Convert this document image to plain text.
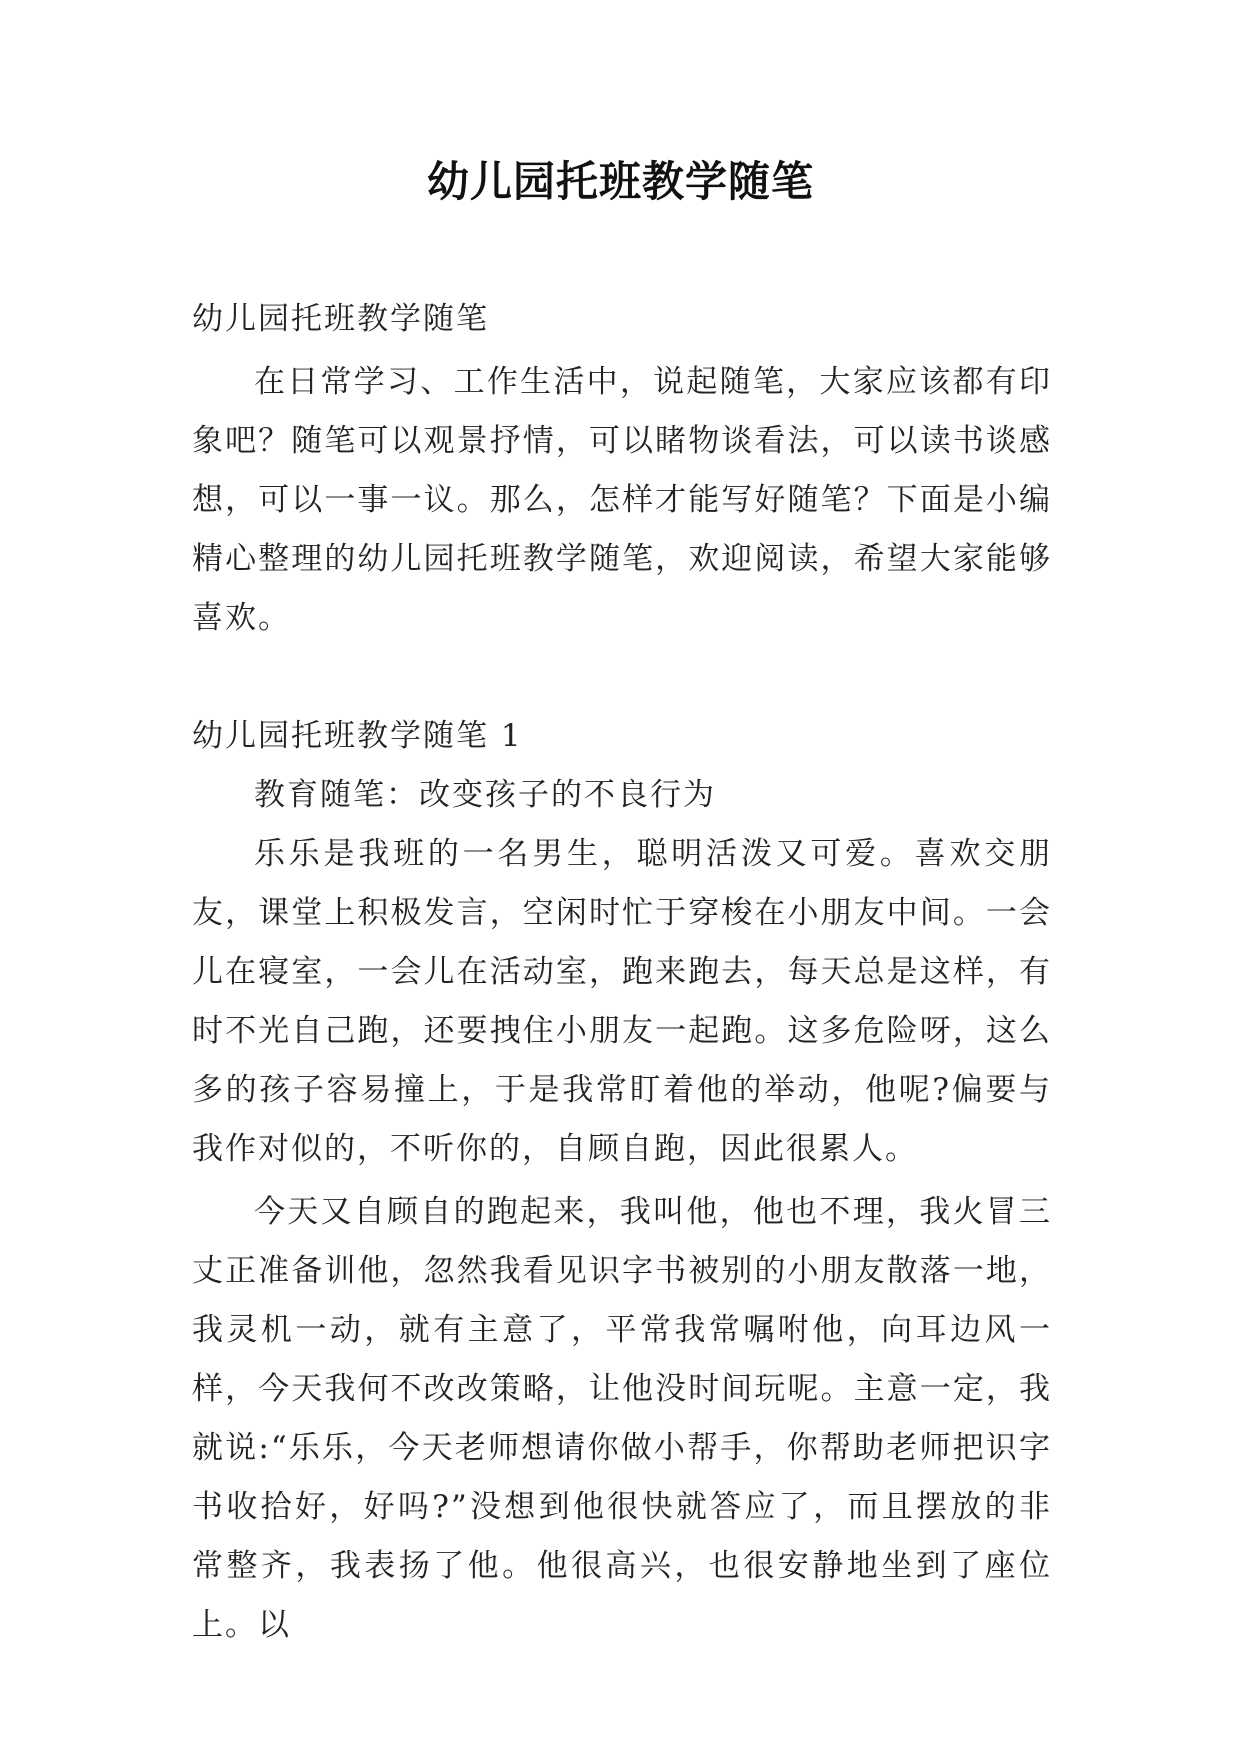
幼儿园托班教学随笔

幼儿园托班教学随笔

在日常学习、工作生活中，说起随笔，大家应该都有印象吧？随笔可以观景抒情，可以睹物谈看法，可以读书谈感想，可以一事一议。那么，怎样才能写好随笔？下面是小编精心整理的幼儿园托班教学随笔，欢迎阅读，希望大家能够喜欢。

幼儿园托班教学随笔 1

教育随笔：改变孩子的不良行为

乐乐是我班的一名男生，聪明活泼又可爱。喜欢交朋友，课堂上积极发言，空闲时忙于穿梭在小朋友中间。一会儿在寝室，一会儿在活动室，跑来跑去，每天总是这样，有时不光自己跑，还要拽住小朋友一起跑。这多危险呀，这么多的孩子容易撞上，于是我常盯着他的举动，他呢?偏要与我作对似的，不听你的，自顾自跑，因此很累人。

今天又自顾自的跑起来，我叫他，他也不理，我火冒三丈正准备训他，忽然我看见识字书被别的小朋友散落一地，我灵机一动，就有主意了，平常我常嘱咐他，向耳边风一样，今天我何不改改策略，让他没时间玩呢。主意一定，我就说:“乐乐，今天老师想请你做小帮手，你帮助老师把识字书收拾好，好吗?”没想到他很快就答应了，而且摆放的非常整齐，我表扬了他。他很高兴，也很安静地坐到了座位上。以
